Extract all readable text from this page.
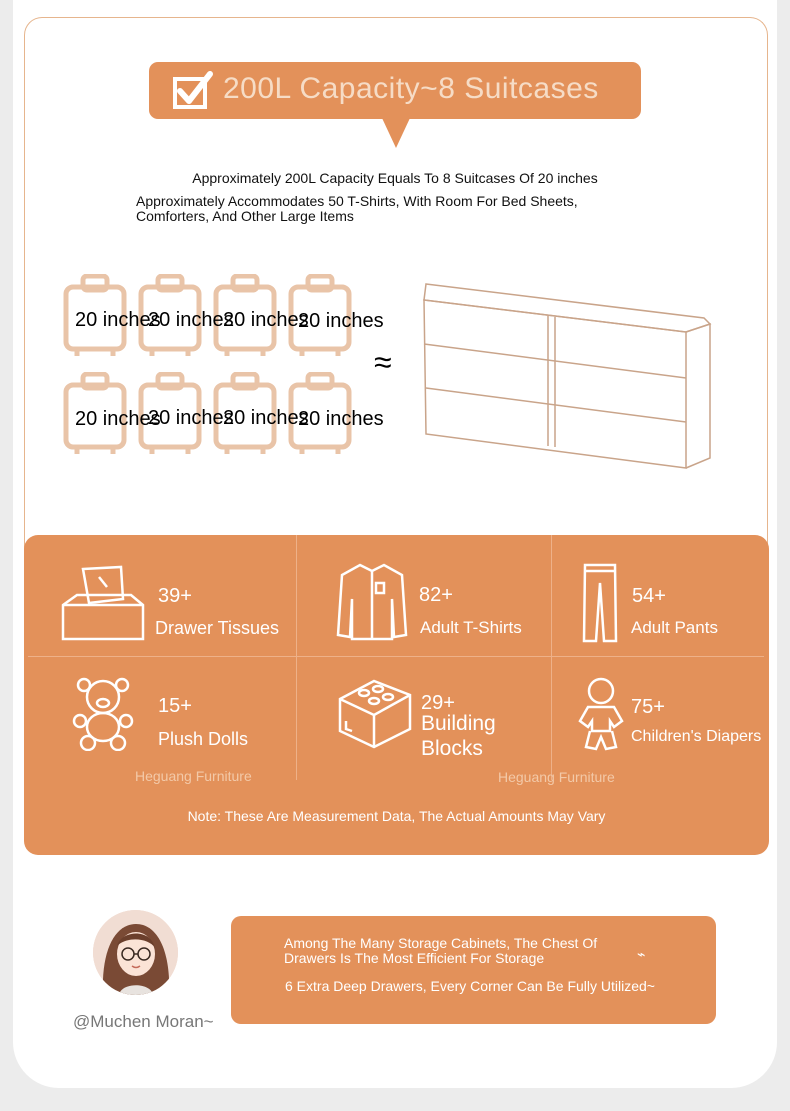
200L Capacity~8 Suitcases
Approximately 200L Capacity Equals To 8 Suitcases Of 20 inches
Approximately Accommodates 50 T-Shirts, With Room For Bed Sheets, Comforters, And Other Large Items
20 inches
20 inches
20 inches
20 inches
20 inches
20 inches
20 inches
20 inches
≈
39+
Drawer Tissues
82+
Adult T-Shirts
54+
Adult Pants
15+
Plush Dolls
29+
Building Blocks
75+
Children's Diapers
Heguang Furniture	Heguang Furniture
Note: These Are Measurement Data, The Actual Amounts May Vary
@Muchen Moran~
Among The Many Storage Cabinets, The Chest Of Drawers Is The Most Efficient For Storage
6 Extra Deep Drawers, Every Corner Can Be Fully Utilized~
⌁
